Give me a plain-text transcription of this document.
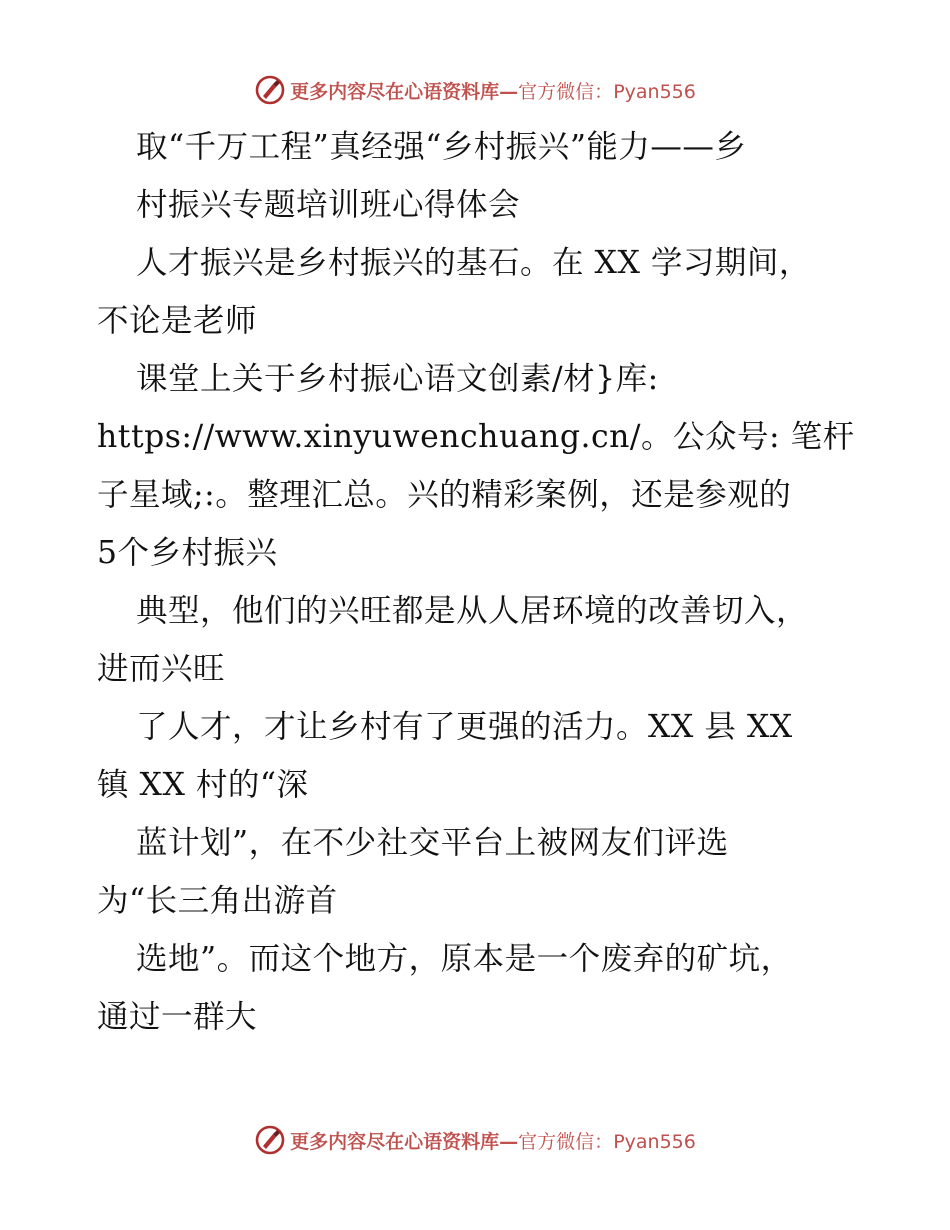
更多内容尽在心语资料库—官方微信：Pyan556
取“千万工程”真经强“乡村振兴”能力——乡
村振兴专题培训班心得体会
人才振兴是乡村振兴的基石。在 XX 学习期间，
不论是老师
课堂上关于乡村振心语文创素/材}库:
https://www.xinyuwenchuang.cn/。公众号: 笔杆
子星域;:。整理汇总。兴的精彩案例，还是参观的
5个乡村振兴
典型，他们的兴旺都是从人居环境的改善切入，
进而兴旺
了人才，才让乡村有了更强的活力。XX 县 XX
镇 XX 村的“深
蓝计划”，在不少社交平台上被网友们评选
为“长三角出游首
选地”。而这个地方，原本是一个废弃的矿坑，
通过一群大
更多内容尽在心语资料库—官方微信：Pyan556
